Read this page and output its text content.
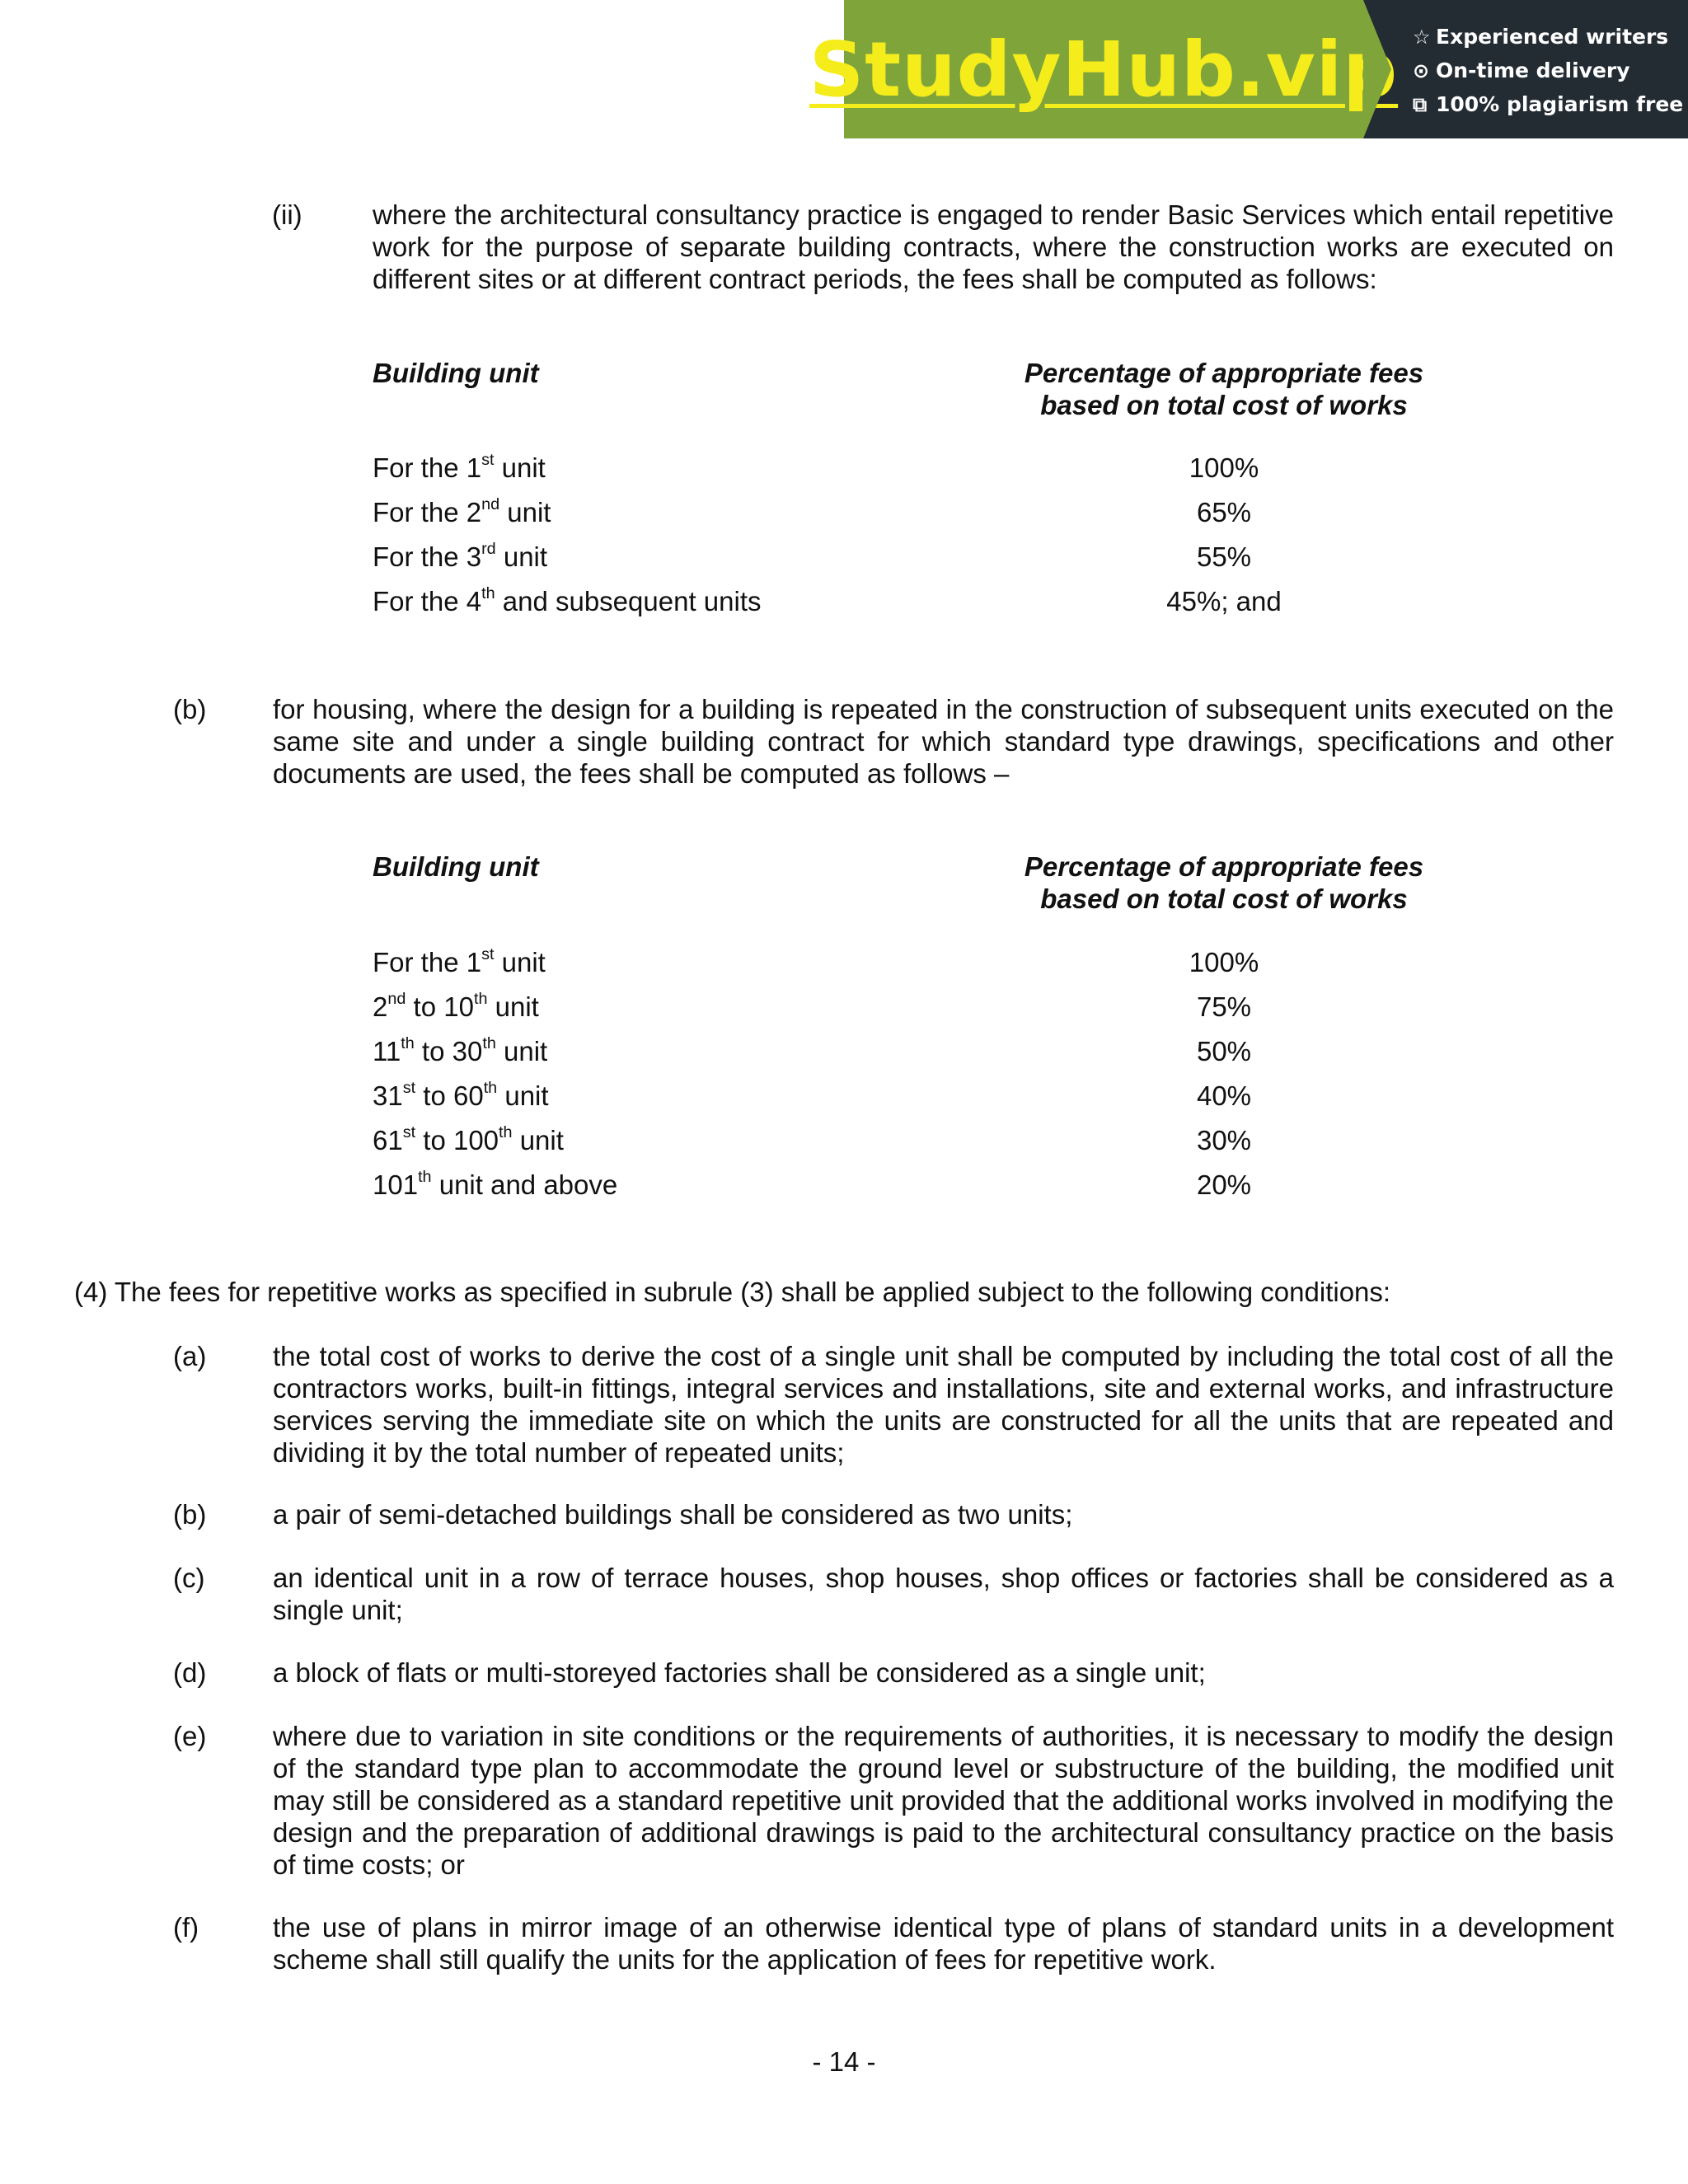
StudyHub.vip ☆ Experienced writers
⊙ On-time delivery
⧉ 100% plagiarism free
(ii)	where the architectural consultancy practice is engaged to render Basic Services which entail repetitive work for the purpose of separate building contracts, where the construction works are executed on different sites or at different contract periods, the fees shall be computed as follows:
Building unit	Percentage of appropriate fees
based on total cost of works
For the 1st unit	100%
For the 2nd unit	65%
For the 3rd unit	55%
For the 4th and subsequent units	45%; and
(b) for housing, where the design for a building is repeated in the construction of subsequent units executed on the same site and under a single building contract for which standard type drawings, specifications and other documents are used, the fees shall be computed as follows –
Building unit	Percentage of appropriate fees
based on total cost of works
For the 1st unit	100%
2nd to 10th unit	75%
11th to 30th unit	50%
31st to 60th unit	40%
61st to 100th unit	30%
101th unit and above	20%
(4) The fees for repetitive works as specified in subrule (3) shall be applied subject to the following conditions:
(a) the total cost of works to derive the cost of a single unit shall be computed by including the total cost of all the contractors works, built-in fittings, integral services and installations, site and external works, and infrastructure services serving the immediate site on which the units are constructed for all the units that are repeated and dividing it by the total number of repeated units;
(b) a pair of semi-detached buildings shall be considered as two units;
(c)	an identical unit in a row of terrace houses, shop houses, shop offices or factories shall be considered as a single unit;
(d) a block of flats or multi-storeyed factories shall be considered as a single unit;
(e) where due to variation in site conditions or the requirements of authorities, it is necessary to modify the design of the standard type plan to accommodate the ground level or substructure of the building, the modified unit may still be considered as a standard repetitive unit provided that the additional works involved in modifying the design and the preparation of additional drawings is paid to the architectural consultancy practice on the basis of time costs; or
(f)	the use of plans in mirror image of an otherwise identical type of plans of standard units in a development scheme shall still qualify the units for the application of fees for repetitive work.
- 14 -
